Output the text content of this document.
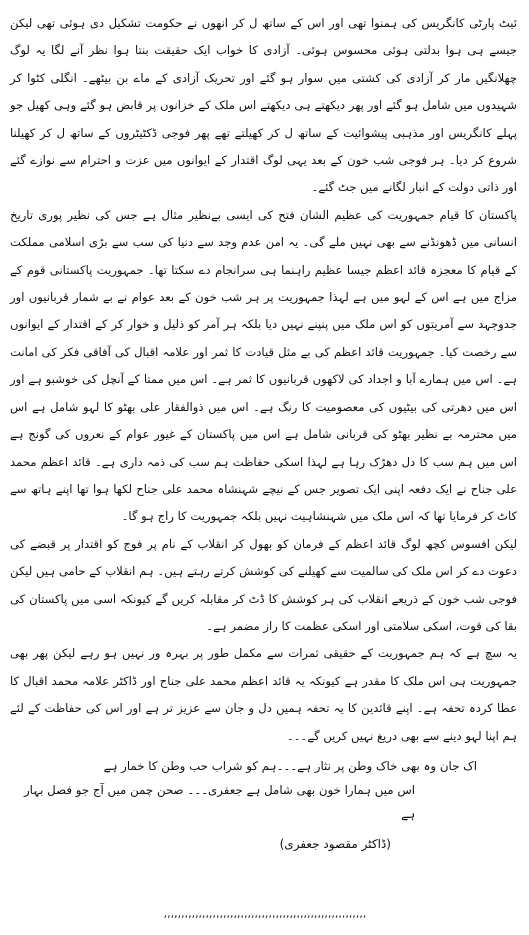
ئیٹ پارٹی کانگریس کی ہمنوا تھی اور اس کے ساتھ ل کر انھوں نے حکومت تشکیل دی ہوئی تھی لیکن جیسے ہی ہوا بدلتی ہوئی محسوس ہوئی۔ آزادی کا خواب ایک حقیقت بنتا ہوا نظر آنے لگا یہ لوگ چھلانگیں مار کر آزادی کی کشتی میں سوار ہو گئے اور تحریک آزادی کے ماے بن بیٹھے۔ انگلی کٹوا کر شہیدوں میں شامل ہو گئے اور پھر دیکھتے ہی دیکھتے اس ملک کے خزانوں پر قابض ہو گئے وہی کھیل جو پہلے کانگریس اور مذہبی پیشوائیت کے ساتھ ل کر کھیلتے تھے پھر فوجی ڈکٹیٹروں کے ساتھ ل کر کھیلنا شروع کر دیا۔ ہر فوجی شب خون کے بعد یہی لوگ اقتدار کے ایوانوں میں عزت و احترام سے نوازے گئے اور ذاتی دولت کے انبار لگانے میں جٹ گئے۔

پاکستان کا قیام جمہوریت کی عظیم الشان فتح کی ایسی بےنظیر مثال ہے جس کی نظیر پوری تاریخ انسانی میں ڈھونڈنے سے بھی نہیں ملے گی۔ یہ امن عدم وجد سے دنیا کی سب سے بڑی اسلامی مملکت کے قیام کا معجزہ قائد اعظم جیسا عظیم راہنما ہی سرانجام دے سکتا تھا۔ جمہوریت پاکستانی قوم کے مزاج میں ہے اس کے لہو میں ہے لہذا جمہوریت پر ہر شب خون کے بعد عوام نے بے شمار قربانیوں اور جدوجہد سے آمریتوں کو اس ملک میں پنپنے نہیں دیا بلکہ ہر آمر کو ذلیل و خوار کر کے اقتدار کے ایوانوں سے رخصت کیا۔ جمہوریت قائد اعظم کی بے مثل قیادت کا ثمر اور علامہ اقبال کی آفاقی فکر کی امانت ہے۔ اس میں ہمارے آبا و اجداد کی لاکھوں قربانیوں کا ثمر ہے۔ اس میں ممتا کے آنچل کی خوشبو ہے اور اس میں دھرتی کی بیٹیوں کی معصومیت کا رنگ ہے۔ اس میں ذوالفقار علی بھٹو کا لہو شامل ہے اس میں محترمہ بے نظیر بھٹو کی قربانی شامل ہے اس میں پاکستان کے غیور عوام کے نعروں کی گونج ہے اس میں ہم سب کا دل دھڑک رہا ہے لہذا اسکی حفاظت ہم سب کی ذمہ داری ہے۔ قائد اعظم محمد علی جناح نے ایک دفعہ اپنی ایک تصویر جس کے نیچے شہنشاہ محمد علی جناح لکھا ہوا تھا اپنے ہاتھ سے کاٹ کر فرمایا تھا کہ اس ملک میں شہنشاہیت نہیں بلکہ جمہوریت کا راج ہو گا۔

لیکن افسوس کچھ لوگ قائد اعظم کے فرمان کو بھول کر انقلاب کے نام پر فوج کو اقتدار پر قبضے کی دعوت دے کر اس ملک کی سالمیت سے کھیلنے کی کوشش کرتے رہتے ہیں۔ ہم انقلاب کے حامی ہیں لیکن فوجی شب خون کے ذریعے انقلاب کی ہر کوشش کا ڈٹ کر مقابلہ کریں گے کیونکہ اسی میں پاکستان کی بقا کی قوت، اسکی سلامتی اور اسکی عظمت کا راز مضمر ہے۔

یہ سچ ہے کہ ہم جمہوریت کے حقیقی ثمرات سے مکمل طور پر بہرہ ور نہیں ہو رہے لیکن پھر بھی جمہوریت ہی اس ملک کا مقدر ہے کیونکہ یہ قائد اعظم محمد علی جناح اور ڈاکٹر علامہ محمد اقبال کا عطا کردہ تحفہ ہے۔ اپنے قائدین کا یہ تحفہ ہمیں دل و جان سے عزیز تر ہے اور اس کی حفاظت کے لئے ہم اپنا لہو دینے سے بھی دریغ نہیں کریں گے۔۔۔

اک جان وہ بھی خاک وطن پر نثار ہے۔۔۔ہم کو شراب حب وطن کا خمار ہے
اس میں ہمارا خون بھی شامل ہے جعفری۔۔۔ صحن چمن میں آج جو فصل بہار ہے
(ڈاکٹر مقصود جعفری)
,,,,,,,,,,,,,,,,,,,,,,,,,,,,,,,,,,,,,,,,,,,,,,,,,,,,,,,,,,
